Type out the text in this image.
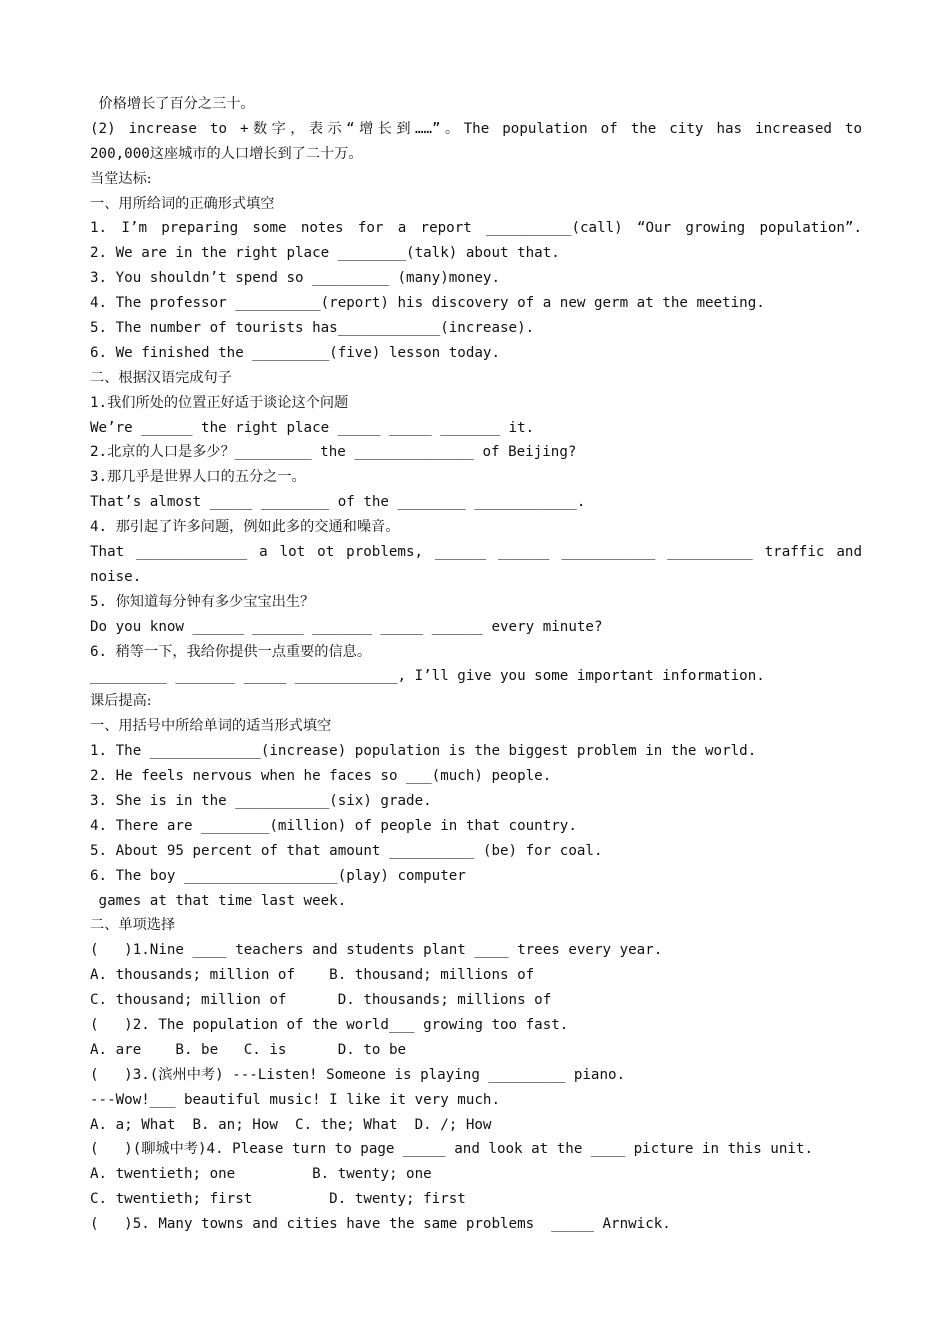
价格增长了百分之三十。
(2) increase to +数字，表示“增长到……”。The population of the city has increased to
200,000这座城市的人口增长到了二十万。
当堂达标:
一、用所给词的正确形式填空
1. I’m preparing some notes for a report __________(call) “Our growing population”.
2. We are in the right place ________(talk) about that.
3. You shouldn’t spend so _________ (many)money.
4. The professor __________(report) his discovery of a new germ at the meeting.
5. The number of tourists has____________(increase).
6. We finished the _________(five) lesson today.
二、根据汉语完成句子
1.我们所处的位置正好适于谈论这个问题
We’re ______ the right place _____ _____ _______ it.
2.北京的人口是多少？_________ the ______________ of Beijing?
3.那几乎是世界人口的五分之一。
That’s almost _____ ________ of the ________ ____________.
4. 那引起了许多问题，例如此多的交通和噪音。
That _____________ a lot ot problems, ______ ______ ___________ __________ traffic and
noise.
5. 你知道每分钟有多少宝宝出生？
Do you know ______ ______ _______ _____ ______ every minute?
6. 稍等一下，我给你提供一点重要的信息。
_________ _______ _____ ____________, I’ll give you some important information.
课后提高:
一、用括号中所给单词的适当形式填空
1. The _____________(increase) population is the biggest problem in the world.
2. He feels nervous when he faces so ___(much) people.
3. She is in the ___________(six) grade.
4. There are ________(million) of people in that country.
5. About 95 percent of that amount __________ (be) for coal.
6. The boy __________________(play) computer
games at that time last week.
二、单项选择
(   )1.Nine ____ teachers and students plant ____ trees every year.
A. thousands; million of    B. thousand; millions of
C. thousand; million of      D. thousands; millions of
(   )2. The population of the world___ growing too fast.
A. are    B. be   C. is      D. to be
(   )3.(滨州中考) ---Listen! Someone is playing _________ piano.
---Wow!___ beautiful music! I like it very much.
A. a; What  B. an; How  C. the; What  D. /; How
(   )(聊城中考)4. Please turn to page _____ and look at the ____ picture in this unit.
A. twentieth; one         B. twenty; one
C. twentieth; first         D. twenty; first
(   )5. Many towns and cities have the same problems  _____ Arnwick.
